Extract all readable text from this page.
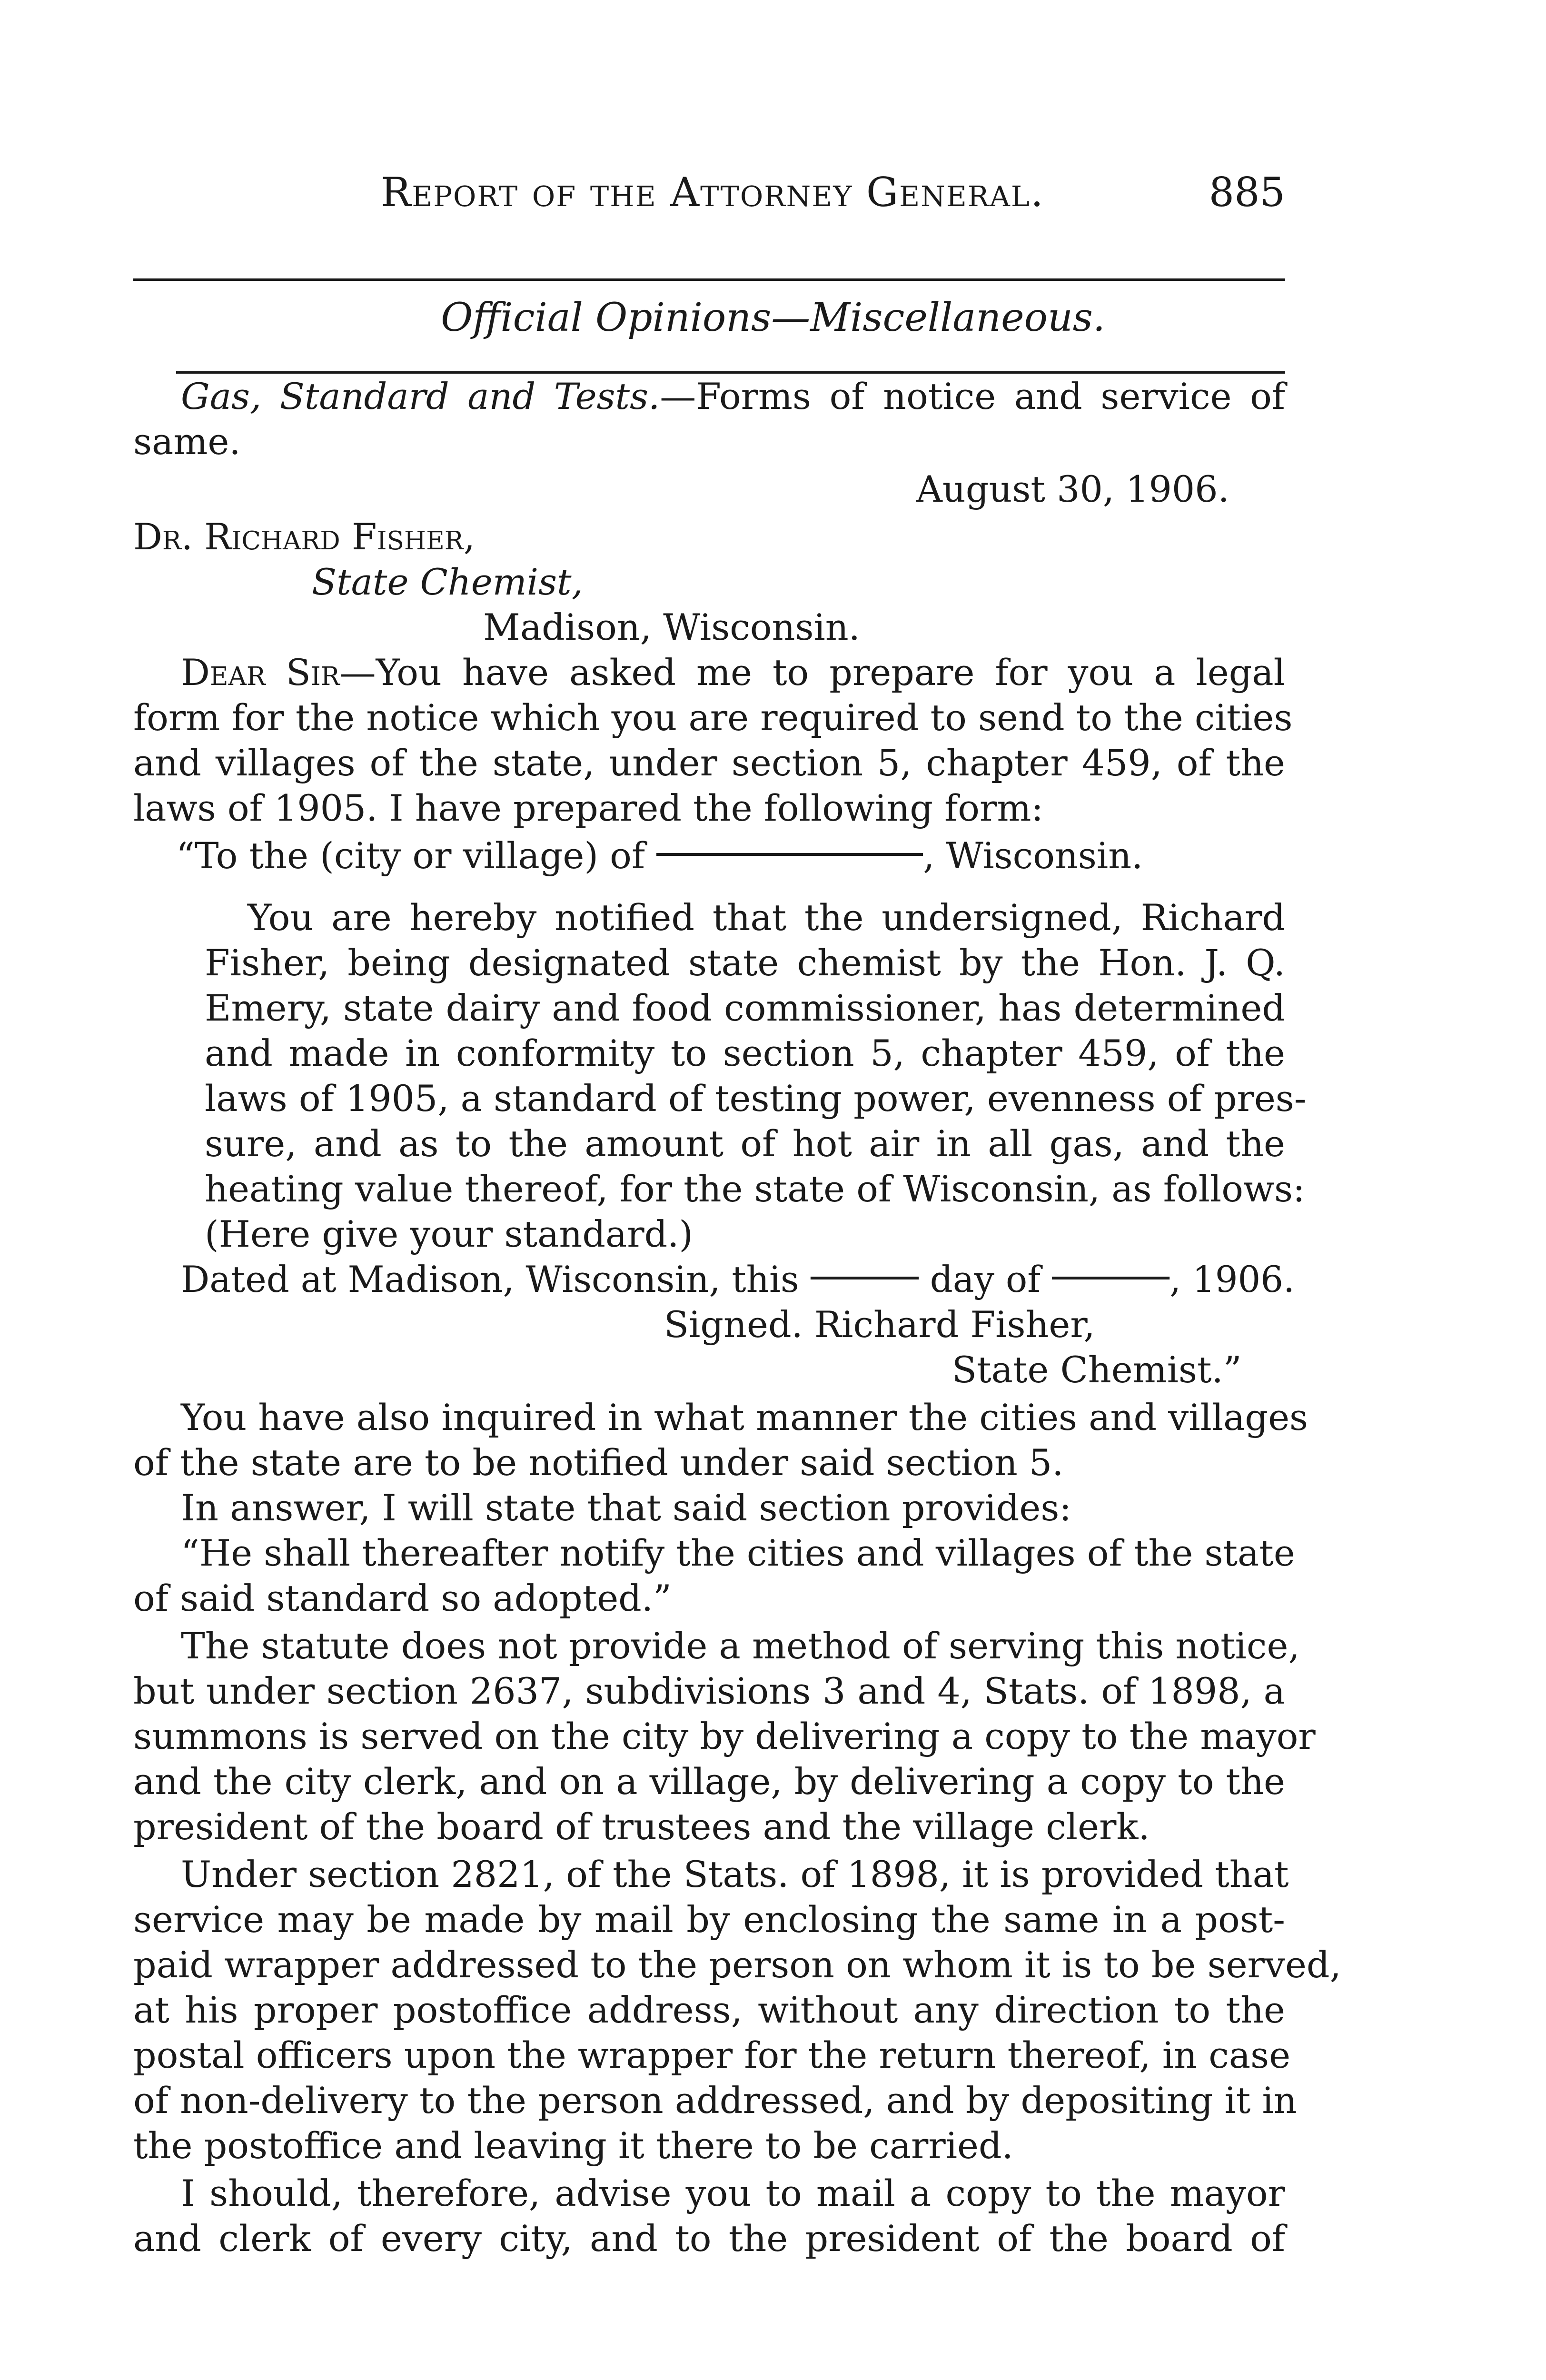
Report of the Attorney General.	885
Official Opinions—Miscellaneous.
Gas, Standard and Tests.—Forms of notice and service of
same.
August 30, 1906.
Dr. Richard Fisher,
State Chemist,
Madison, Wisconsin.
Dear Sir—You have asked me to prepare for you a legal
form for the notice which you are required to send to the cities
and villages of the state, under section 5, chapter 459, of the
laws of 1905. I have prepared the following form:
“To the (city or village) of	, Wisconsin.
You are hereby notified that the undersigned, Richard
Fisher, being designated state chemist by the Hon. J. Q.
Emery, state dairy and food commissioner, has determined
and made in conformity to section 5, chapter 459, of the
laws of 1905, a standard of testing power, evenness of pres-
sure, and as to the amount of hot air in all gas, and the
heating value thereof, for the state of Wisconsin, as follows:
(Here give your standard.)
Dated at Madison, Wisconsin, this	day of	, 1906.
Signed. Richard Fisher,
State Chemist.”
You have also inquired in what manner the cities and villages
of the state are to be notified under said section 5.
In answer, I will state that said section provides:
“He shall thereafter notify the cities and villages of the state
of said standard so adopted.”
The statute does not provide a method of serving this notice,
but under section 2637, subdivisions 3 and 4, Stats. of 1898, a
summons is served on the city by delivering a copy to the mayor
and the city clerk, and on a village, by delivering a copy to the
president of the board of trustees and the village clerk.
Under section 2821, of the Stats. of 1898, it is provided that
service may be made by mail by enclosing the same in a post-
paid wrapper addressed to the person on whom it is to be served,
at his proper postoffice address, without any direction to the
postal officers upon the wrapper for the return thereof, in case
of non-delivery to the person addressed, and by depositing it in
the postoffice and leaving it there to be carried.
I should, therefore, advise you to mail a copy to the mayor
and clerk of every city, and to the president of the board of
